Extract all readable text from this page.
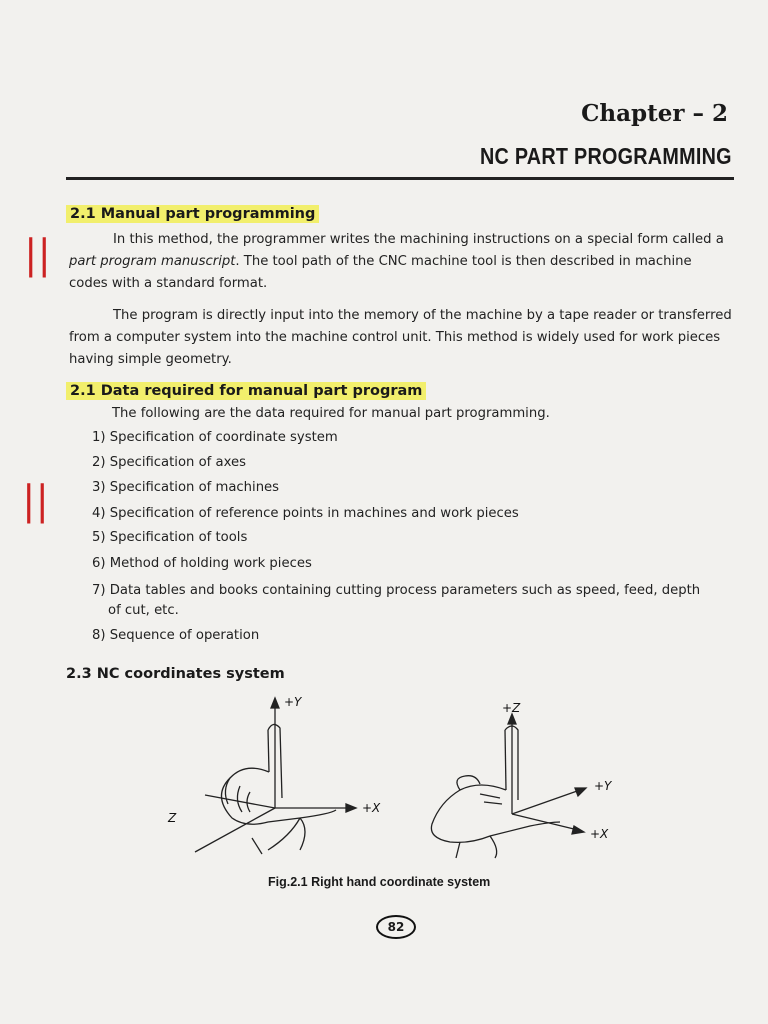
Chapter – 2
NC PART PROGRAMMING
||
||
2.1 Manual part programming
In this method, the programmer writes the machining instructions on a special form called a part program manuscript. The tool path of the CNC machine tool is then described in machine codes with a standard format.
The program is directly input into the memory of the machine by a tape reader or transferred from a computer system into the machine control unit. This method is widely used for work pieces having simple geometry.
2.1 Data required for manual part program
The following are the data required for manual part programming.
1) Specification of coordinate system
2) Specification of axes
3) Specification of machines
4) Specification of reference points in machines and work pieces
5) Specification of tools
6) Method of holding work pieces
7) Data tables and books containing cutting process parameters such as speed, feed, depth
of cut, etc.
8) Sequence of operation
2.3 NC coordinates system
+Y
+X
Z
+Z
+Y
+X
Fig.2.1 Right hand coordinate system
82
